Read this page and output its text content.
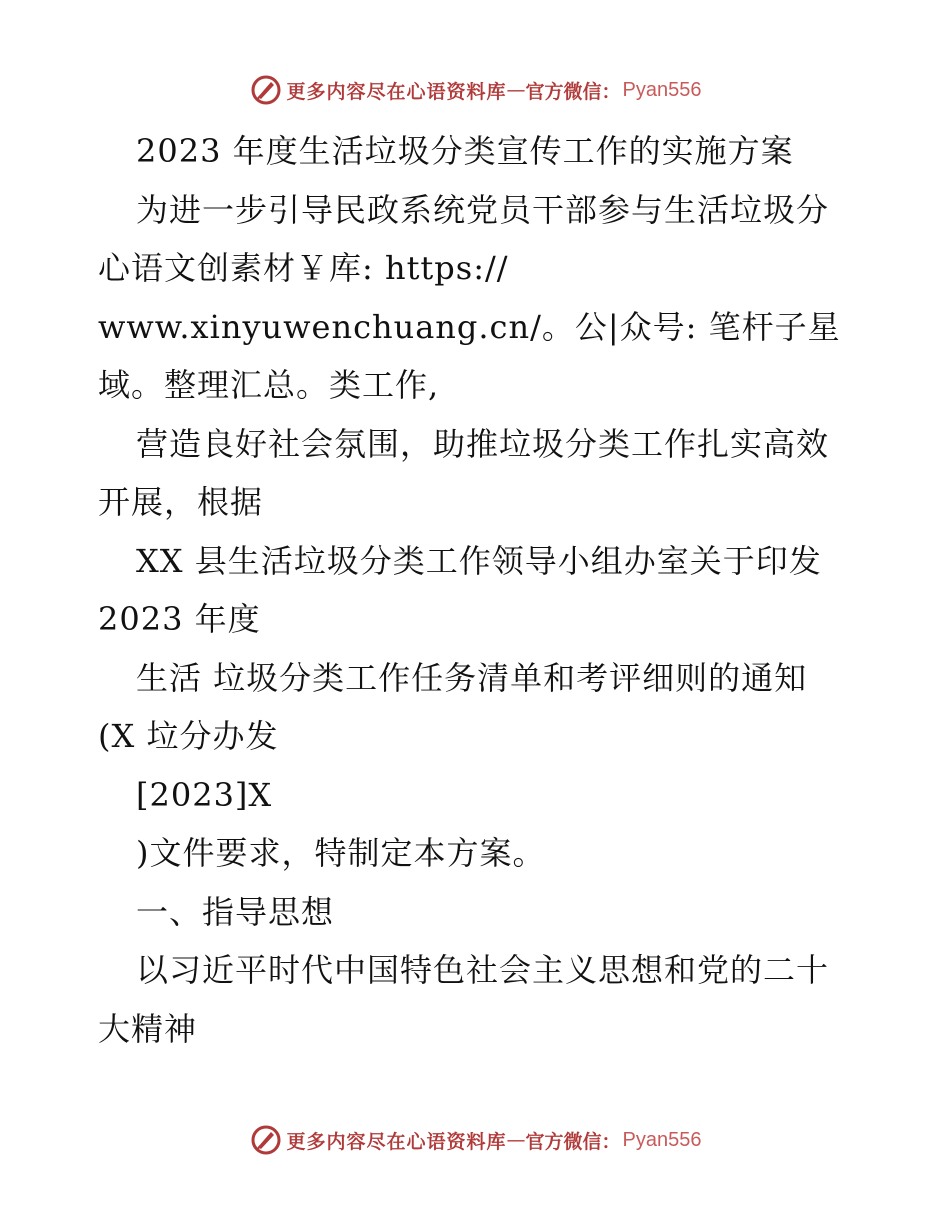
更多内容尽在心语资料库 — 官方微信： Pyan556
2023 年度生活垃圾分类宣传工作的实施方案
为进一步引导民政系统党员干部参与生活垃圾分
心语文创素材￥库: https://
www.xinyuwenchuang.cn/。公|众号: 笔杆子星
域。整理汇总。类工作,
营造良好社会氛围，助推垃圾分类工作扎实高效
开展，根据
XX 县生活垃圾分类工作领导小组办室关于印发
2023 年度
生活 垃圾分类工作任务清单和考评细则的通知
(X 垃分办发
[2023]X
)文件要求，特制定本方案。
一、指导思想
以习近平时代中国特色社会主义思想和党的二十
大精神
更多内容尽在心语资料库 — 官方微信： Pyan556
